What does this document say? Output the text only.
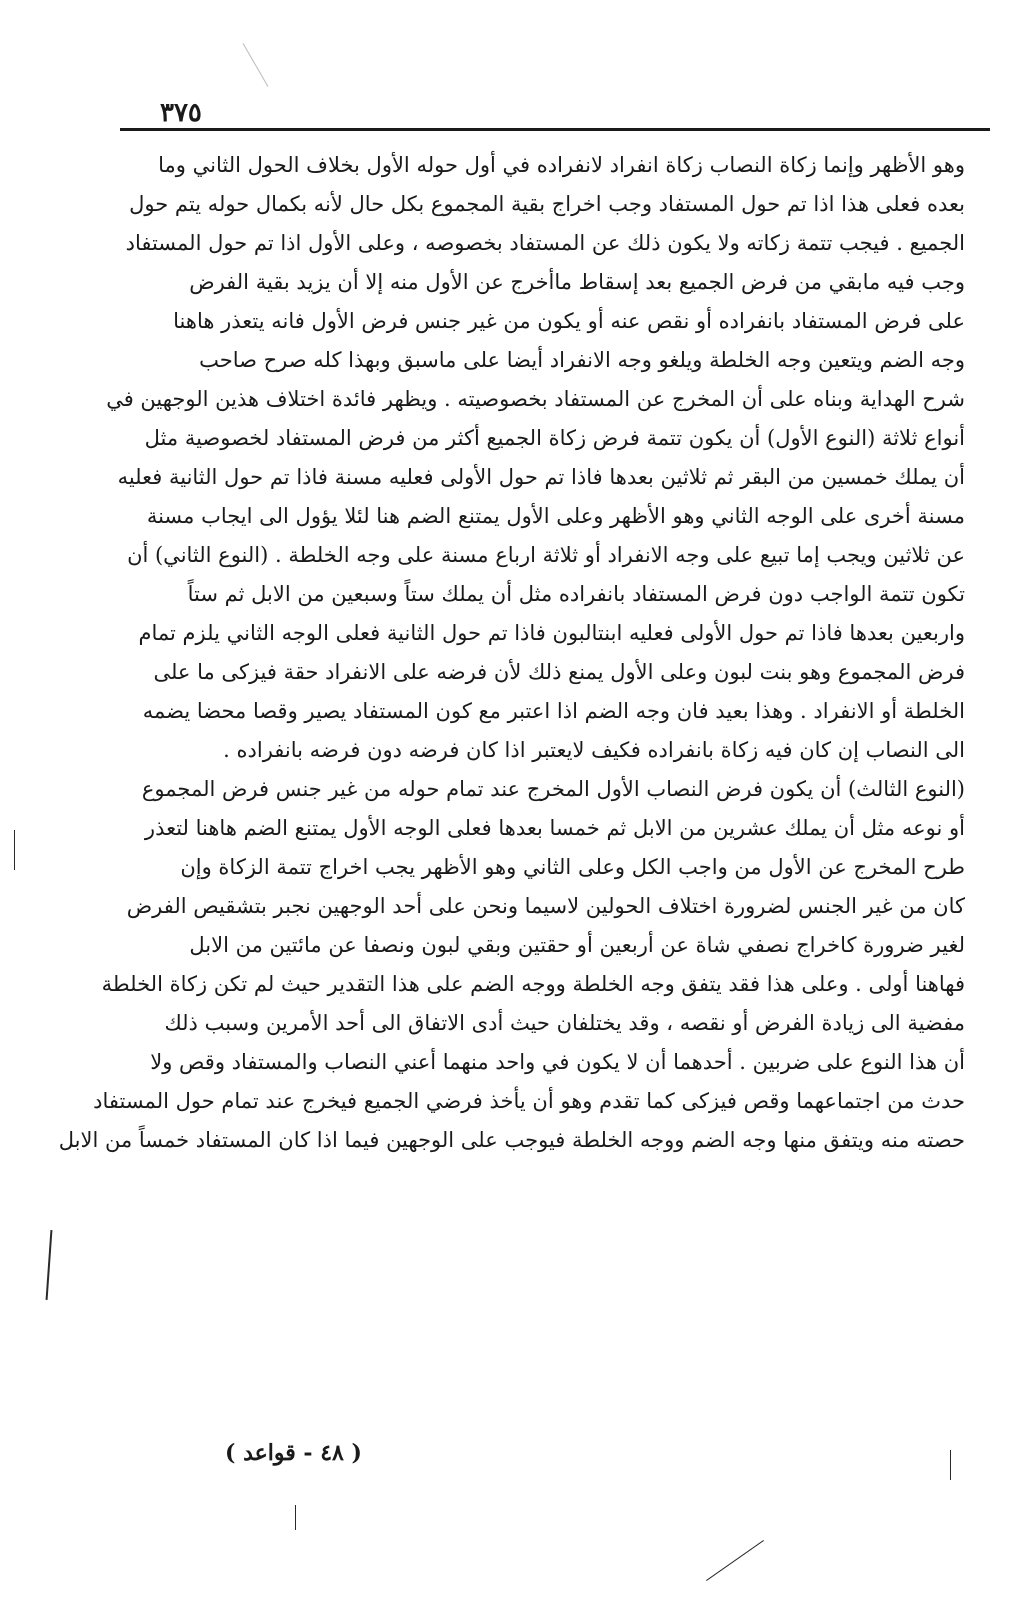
٣٧٥
وهو الأظهر وإنما زكاة النصاب زكاة انفراد لانفراده في أول حوله الأول بخلاف الحول الثاني وما
بعده فعلى هذا اذا تم حول المستفاد وجب اخراج بقية المجموع بكل حال لأنه بكمال حوله يتم حول
الجميع . فيجب تتمة زكاته ولا يكون ذلك عن المستفاد بخصوصه ، وعلى الأول اذا تم حول المستفاد
وجب فيه مابقي من فرض الجميع بعد إسقاط ماأخرج عن الأول منه إلا أن يزيد بقية الفرض
على فرض المستفاد بانفراده أو نقص عنه أو يكون من غير جنس فرض الأول فانه يتعذر هاهنا
وجه الضم ويتعين وجه الخلطة ويلغو وجه الانفراد أيضا على ماسبق وبهذا كله صرح صاحب
شرح الهداية وبناه على أن المخرج عن المستفاد بخصوصيته . ويظهر فائدة اختلاف هذين الوجهين في
أنواع ثلاثة (النوع الأول) أن يكون تتمة فرض زكاة الجميع أكثر من فرض المستفاد لخصوصية مثل
أن يملك خمسين من البقر ثم ثلاثين بعدها فاذا تم حول الأولى فعليه مسنة فاذا تم حول الثانية فعليه
مسنة أخرى على الوجه الثاني وهو الأظهر وعلى الأول يمتنع الضم هنا لئلا يؤول الى ايجاب مسنة
عن ثلاثين ويجب إما تبيع على وجه الانفراد أو ثلاثة ارباع مسنة على وجه الخلطة . (النوع الثاني) أن
تكون تتمة الواجب دون فرض المستفاد بانفراده مثل أن يملك ستاً وسبعين من الابل ثم ستاً
واربعين بعدها فاذا تم حول الأولى فعليه ابنتالبون فاذا تم حول الثانية فعلى الوجه الثاني يلزم تمام
فرض المجموع وهو بنت لبون وعلى الأول يمنع ذلك لأن فرضه على الانفراد حقة فيزكى ما على
الخلطة أو الانفراد . وهذا بعيد فان وجه الضم اذا اعتبر مع كون المستفاد يصير وقصا محضا يضمه
الى النصاب إن كان فيه زكاة بانفراده فكيف لايعتبر اذا كان فرضه دون فرضه بانفراده .
(النوع الثالث) أن يكون فرض النصاب الأول المخرج عند تمام حوله من غير جنس فرض المجموع
أو نوعه مثل أن يملك عشرين من الابل ثم خمسا بعدها فعلى الوجه الأول يمتنع الضم هاهنا لتعذر
طرح المخرج عن الأول من واجب الكل وعلى الثاني وهو الأظهر يجب اخراج تتمة الزكاة وإن
كان من غير الجنس لضرورة اختلاف الحولين لاسيما ونحن على أحد الوجهين نجبر بتشقيص الفرض
لغير ضرورة كاخراج نصفي شاة عن أربعين أو حقتين وبقي لبون ونصفا عن مائتين من الابل
فهاهنا أولى . وعلى هذا فقد يتفق وجه الخلطة ووجه الضم على هذا التقدير حيث لم تكن زكاة الخلطة
مفضية الى زيادة الفرض أو نقصه ، وقد يختلفان حيث أدى الاتفاق الى أحد الأمرين وسبب ذلك
أن هذا النوع على ضربين . أحدهما أن لا يكون في واحد منهما أعني النصاب والمستفاد وقص ولا
حدث من اجتماعهما وقص فيزكى كما تقدم وهو أن يأخذ فرضي الجميع فيخرج عند تمام حول المستفاد
حصته منه ويتفق منها وجه الضم ووجه الخلطة فيوجب على الوجهين فيما اذا كان المستفاد خمساً من الابل
( ٤٨ - قواعد )
